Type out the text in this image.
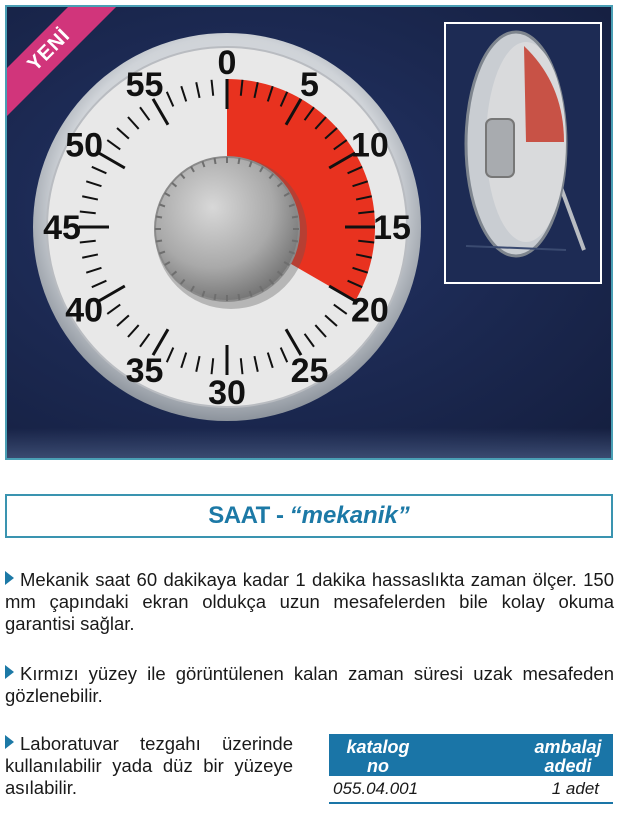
0
5
10
15
20
25
30
35
40
45
50
55
YENİ
SAAT - “mekanik”
Mekanik saat 60 dakikaya kadar 1 dakika hassaslıkta zaman ölçer. 150 mm çapındaki ekran oldukça uzun mesafelerden bile kolay okuma garantisi sağlar.
Kırmızı yüzey ile görüntülenen kalan zaman süresi uzak mesafeden gözlenebilir.
Laboratuvar tezgahı üzerinde kullanılabilir yada düz bir yüzeye asılabilir.
katalog no
ambalaj adedi
055.04.001	1 adet
